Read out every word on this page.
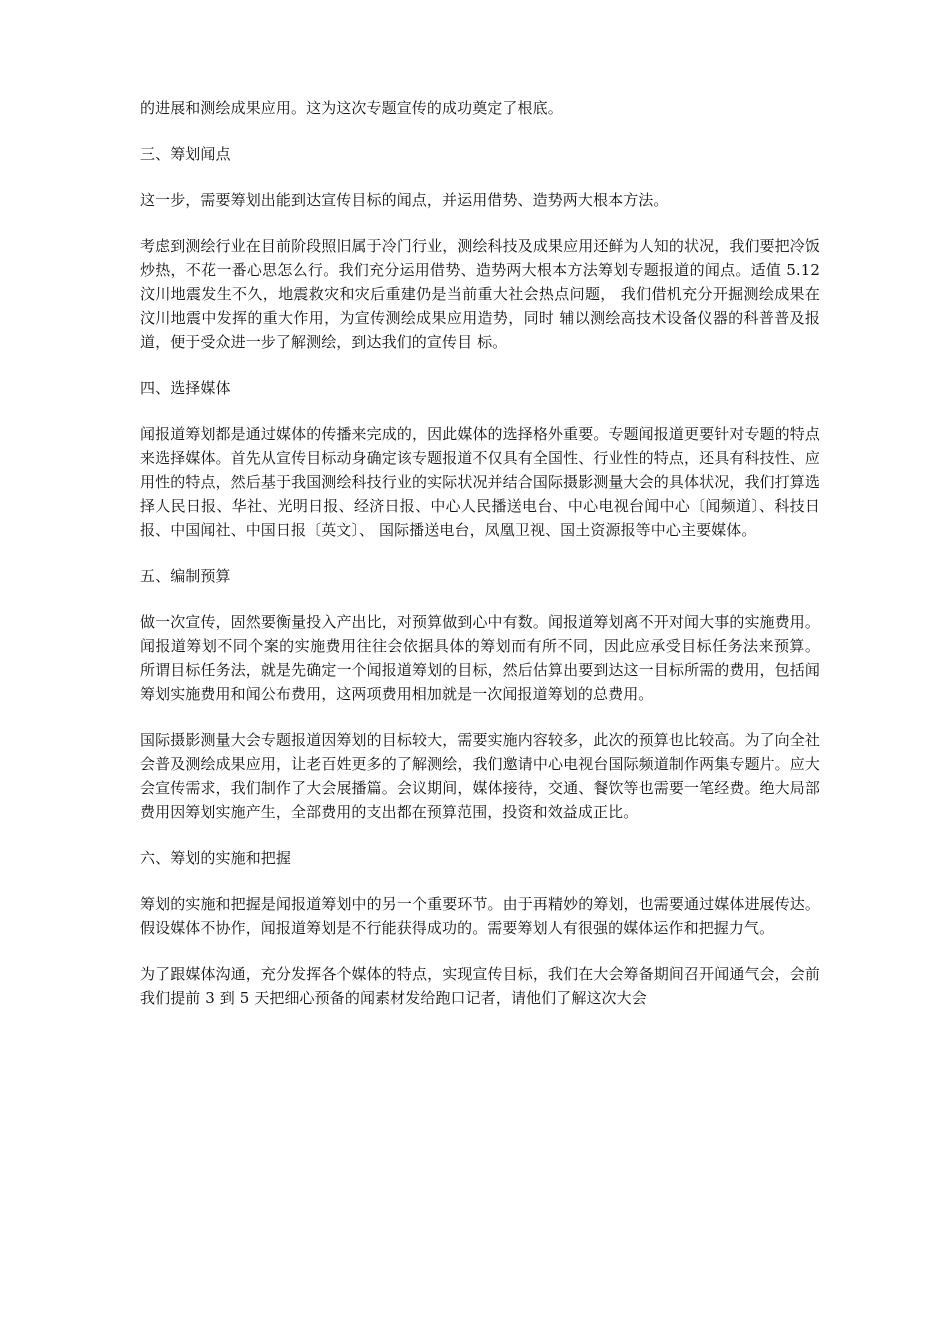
的进展和测绘成果应用。这为这次专题宣传的成功奠定了根底。

三、筹划闻点

这一步，需要筹划出能到达宣传目标的闻点，并运用借势、造势两大根本方法。

考虑到测绘行业在目前阶段照旧属于冷门行业，测绘科技及成果应用还鲜为人知的状况，我们要把冷饭炒热，不花一番心思怎么行。我们充分运用借势、造势两大根本方法筹划专题报道的闻点。适值 5.12 汶川地震发生不久，地震救灾和灾后重建仍是当前重大社会热点问题， 我们借机充分开掘测绘成果在汶川地震中发挥的重大作用，为宣传测绘成果应用造势，同时 辅以测绘高技术设备仪器的科普普及报道，便于受众进一步了解测绘，到达我们的宣传目 标。

四、选择媒体

闻报道筹划都是通过媒体的传播来完成的，因此媒体的选择格外重要。专题闻报道更要针对专题的特点来选择媒体。首先从宣传目标动身确定该专题报道不仅具有全国性、行业性的特点，还具有科技性、应用性的特点，然后基于我国测绘科技行业的实际状况并结合国际摄影测量大会的具体状况，我们打算选择人民日报、华社、光明日报、经济日报、中心人民播送电台、中心电视台闻中心〔闻频道〕、科技日报、中国闻社、中国日报〔英文〕、 国际播送电台，凤凰卫视、国土资源报等中心主要媒体。

五、编制预算

做一次宣传，固然要衡量投入产出比，对预算做到心中有数。闻报道筹划离不开对闻大事的实施费用。闻报道筹划不同个案的实施费用往往会依据具体的筹划而有所不同，因此应承受目标任务法来预算。 所谓目标任务法，就是先确定一个闻报道筹划的目标，然后估算出要到达这一目标所需的费用，包括闻筹划实施费用和闻公布费用，这两项费用相加就是一次闻报道筹划的总费用。

国际摄影测量大会专题报道因筹划的目标较大，需要实施内容较多，此次的预算也比较高。为了向全社会普及测绘成果应用，让老百姓更多的了解测绘，我们邀请中心电视台国际频道制作两集专题片。应大会宣传需求，我们制作了大会展播篇。会议期间，媒体接待，交通、餐饮等也需要一笔经费。绝大局部费用因筹划实施产生，全部费用的支出都在预算范围，投资和效益成正比。

六、筹划的实施和把握

筹划的实施和把握是闻报道筹划中的另一个重要环节。由于再精妙的筹划，也需要通过媒体进展传达。假设媒体不协作，闻报道筹划是不行能获得成功的。需要筹划人有很强的媒体运作和把握力气。

为了跟媒体沟通，充分发挥各个媒体的特点，实现宣传目标，我们在大会筹备期间召开闻通气会，会前我们提前 3 到 5 天把细心预备的闻素材发给跑口记者，请他们了解这次大会
